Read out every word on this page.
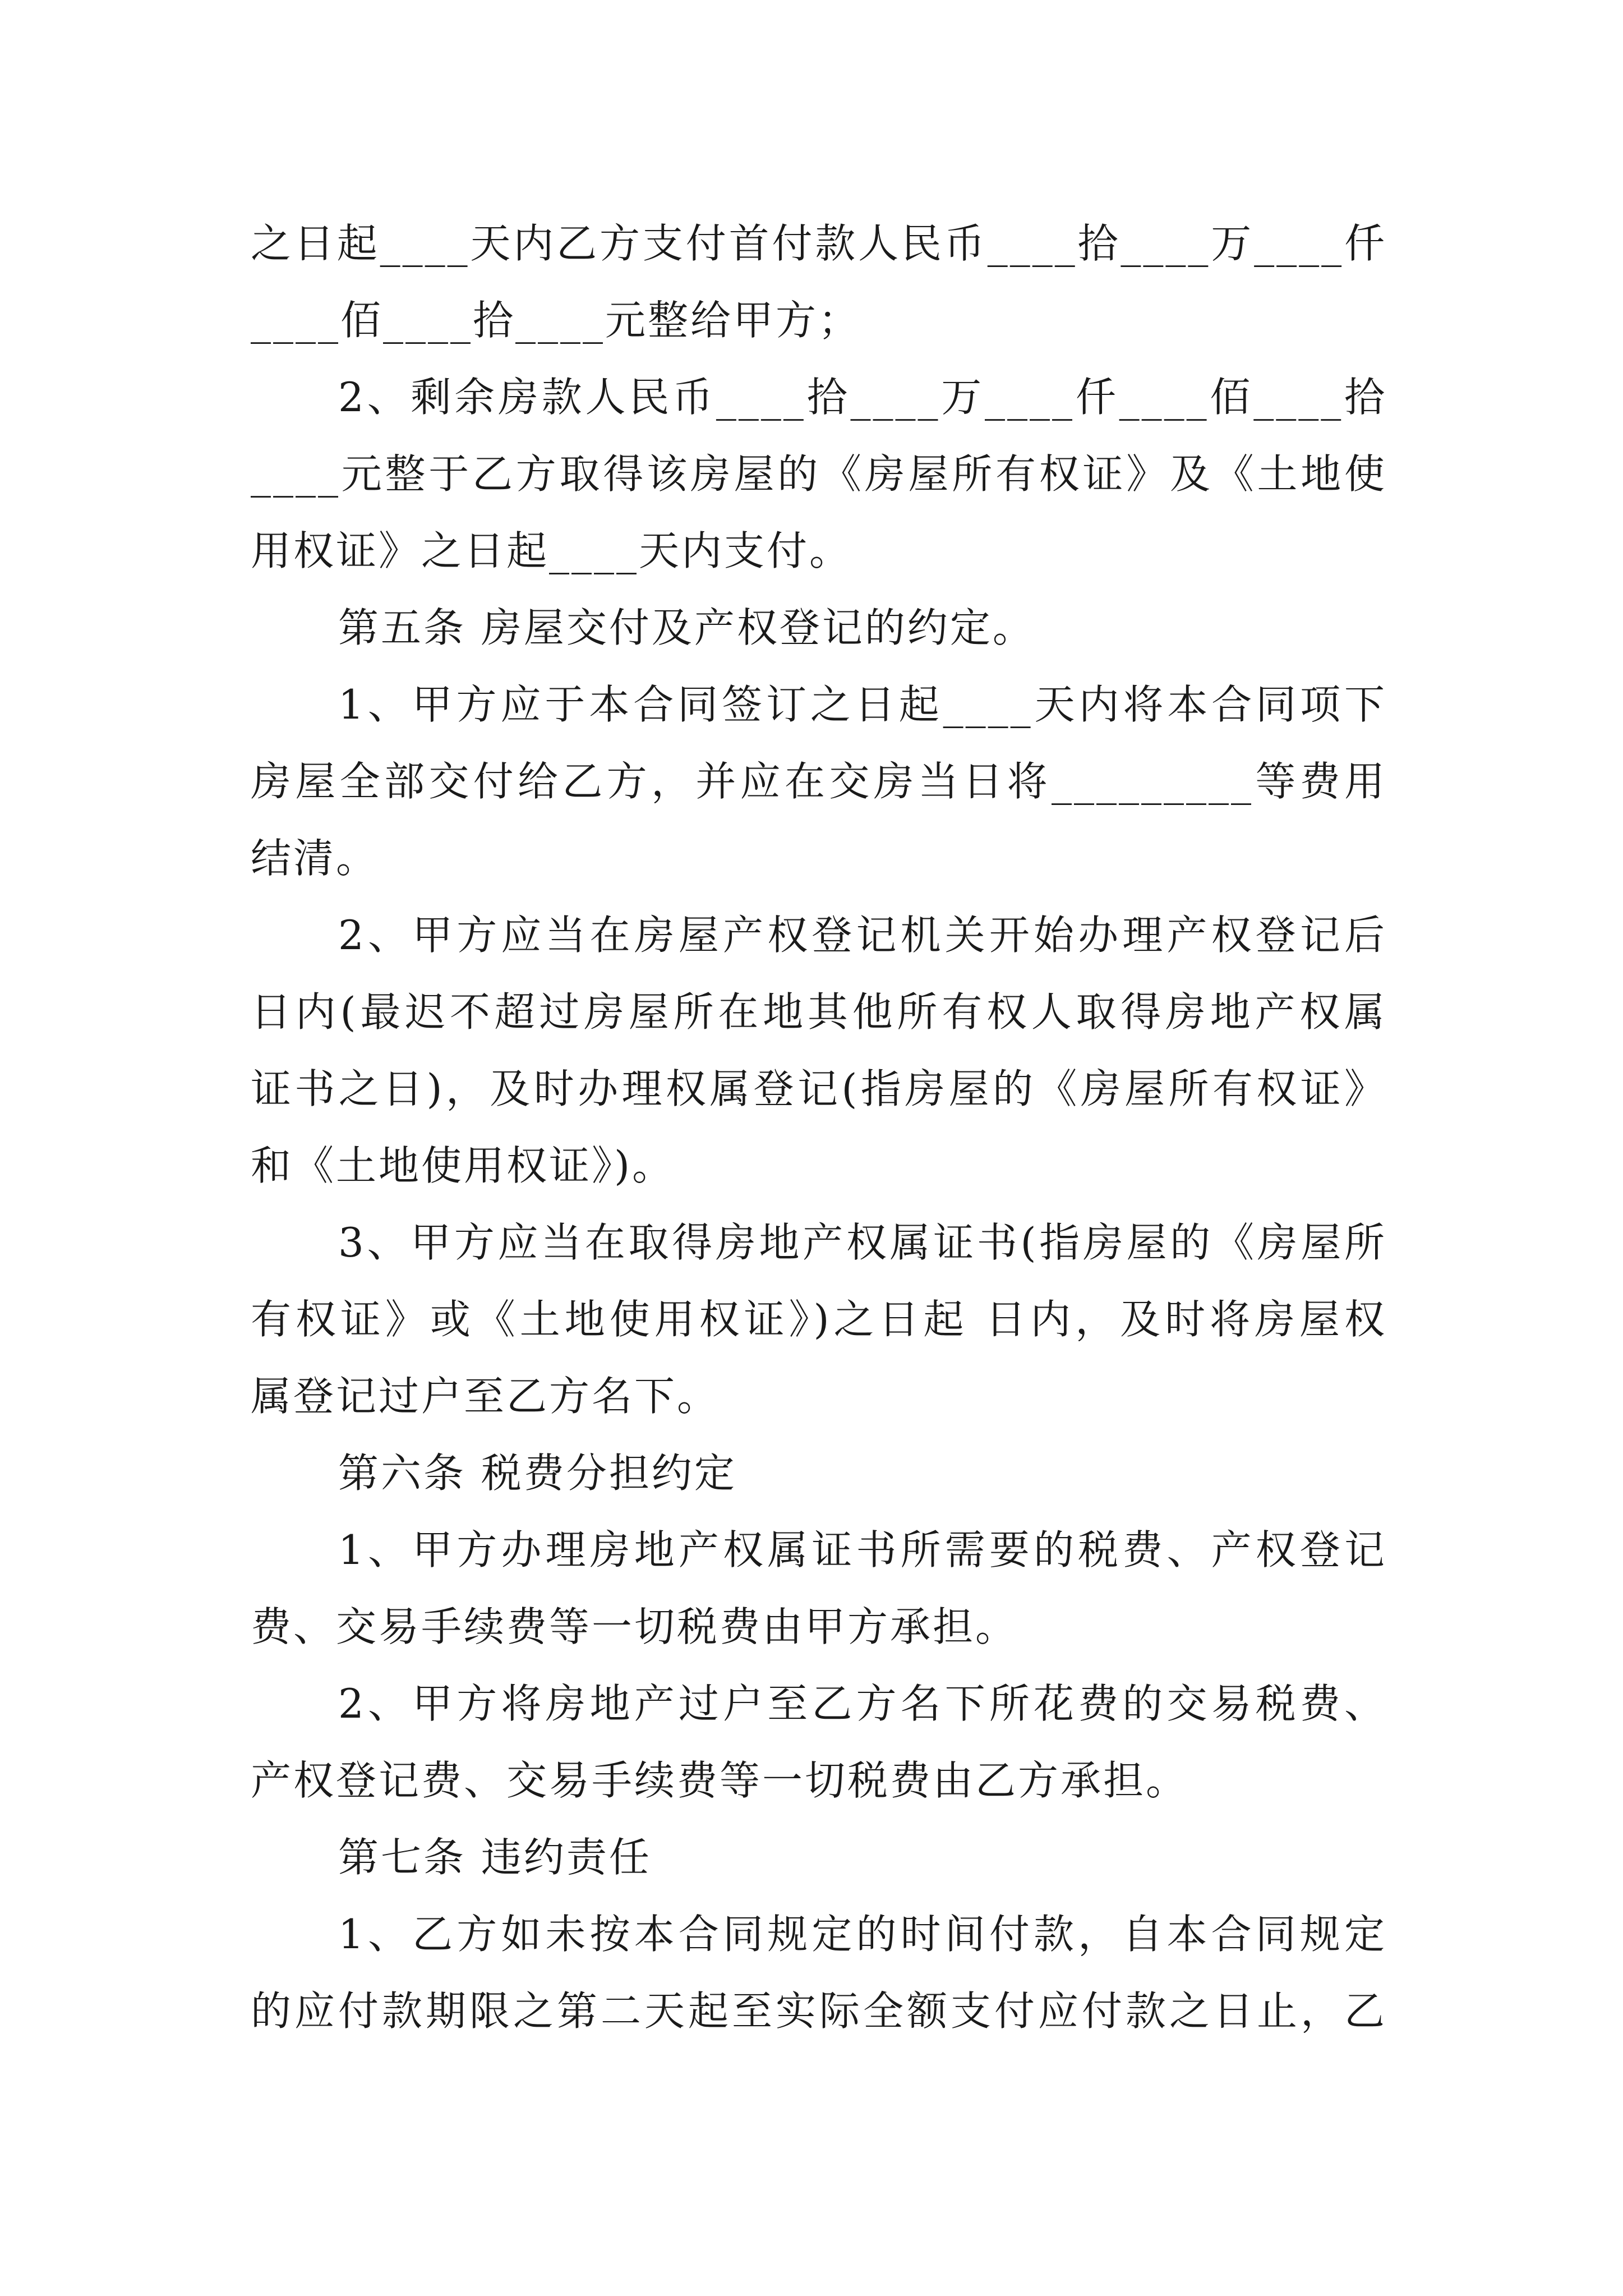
之日起____天内乙方支付首付款人民币____拾____万____仟
____佰____拾____元整给甲方；
2、剩余房款人民币____拾____万____仟____佰____拾
____元整于乙方取得该房屋的《房屋所有权证》及《土地使
用权证》之日起____天内支付。
第五条 房屋交付及产权登记的约定。
1、甲方应于本合同签订之日起____天内将本合同项下
房屋全部交付给乙方，并应在交房当日将_________等费用
结清。
2、甲方应当在房屋产权登记机关开始办理产权登记后
日内(最迟不超过房屋所在地其他所有权人取得房地产权属
证书之日)，及时办理权属登记(指房屋的《房屋所有权证》
和《土地使用权证》)。
3、甲方应当在取得房地产权属证书(指房屋的《房屋所
有权证》或《土地使用权证》)之日起 日内，及时将房屋权
属登记过户至乙方名下。
第六条 税费分担约定
1、甲方办理房地产权属证书所需要的税费、产权登记
费、交易手续费等一切税费由甲方承担。
2、甲方将房地产过户至乙方名下所花费的交易税费、
产权登记费、交易手续费等一切税费由乙方承担。
第七条 违约责任
1、乙方如未按本合同规定的时间付款，自本合同规定
的应付款期限之第二天起至实际全额支付应付款之日止，乙
